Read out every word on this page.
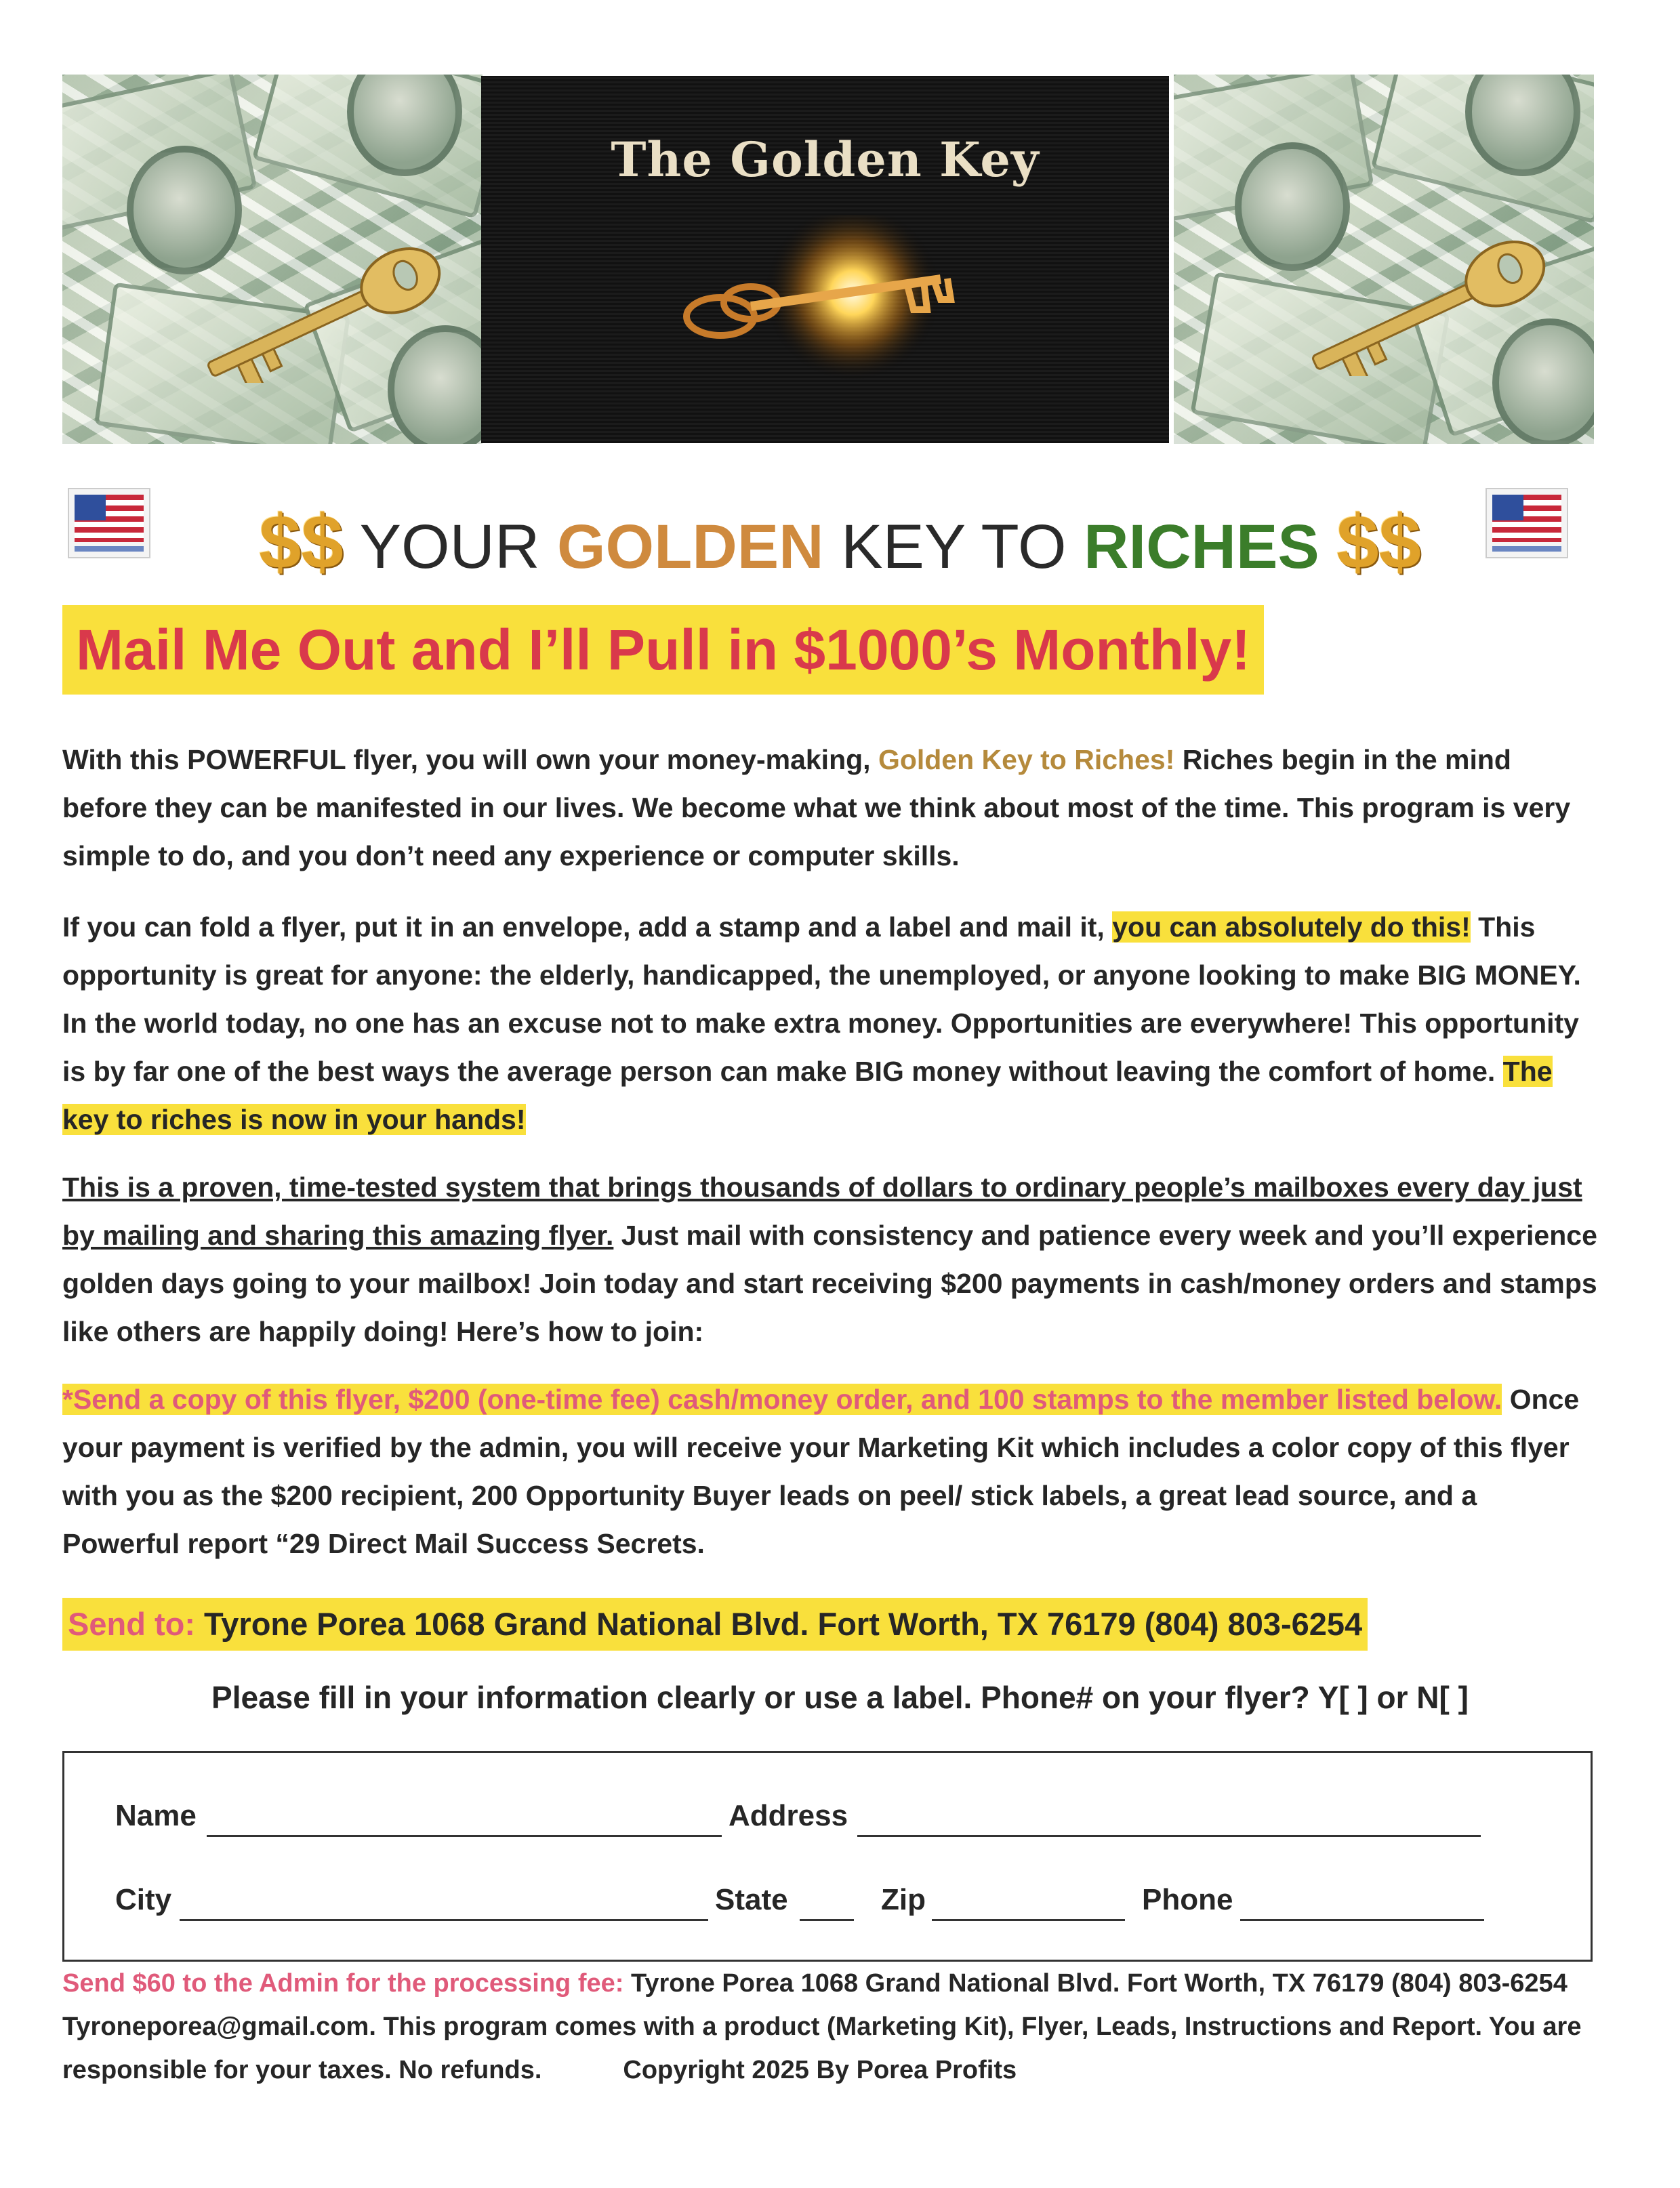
The Golden Key
$$ YOUR GOLDEN KEY TO RICHES $$
Mail Me Out and I’ll Pull in $1000’s Monthly!
With this POWERFUL flyer, you will own your money-making, Golden Key to Riches! Riches begin in the mind before they can be manifested in our lives. We become what we think about most of the time. This program is very simple to do, and you don’t need any experience or computer skills.
If you can fold a flyer, put it in an envelope, add a stamp and a label and mail it, you can absolutely do this! This opportunity is great for anyone: the elderly, handicapped, the unemployed, or anyone looking to make BIG MONEY. In the world today, no one has an excuse not to make extra money. Opportunities are everywhere! This opportunity is by far one of the best ways the average person can make BIG money without leaving the comfort of home. The key to riches is now in your hands!
This is a proven, time-tested system that brings thousands of dollars to ordinary people’s mailboxes every day just by mailing and sharing this amazing flyer. Just mail with consistency and patience every week and you’ll experience golden days going to your mailbox! Join today and start receiving $200 payments in cash/money orders and stamps like others are happily doing! Here’s how to join:
*Send a copy of this flyer, $200 (one-time fee) cash/money order, and 100 stamps to the member listed below. Once your payment is verified by the admin, you will receive your Marketing Kit which includes a color copy of this flyer with you as the $200 recipient, 200 Opportunity Buyer leads on peel/ stick labels, a great lead source, and a Powerful report “29 Direct Mail Success Secrets.
Send to: Tyrone Porea 1068 Grand National Blvd. Fort Worth, TX 76179 (804) 803-6254
Please fill in your information clearly or use a label. Phone# on your flyer? Y[ ] or N[ ]
Name	Address
City	State	Zip	Phone
Send $60 to the Admin for the processing fee: Tyrone Porea 1068 Grand National Blvd. Fort Worth, TX 76179 (804) 803-6254 Tyroneporea@gmail.com. This program comes with a product (Marketing Kit), Flyer, Leads, Instructions and Report. You are responsible for your taxes. No refunds.	Copyright 2025 By Porea Profits
